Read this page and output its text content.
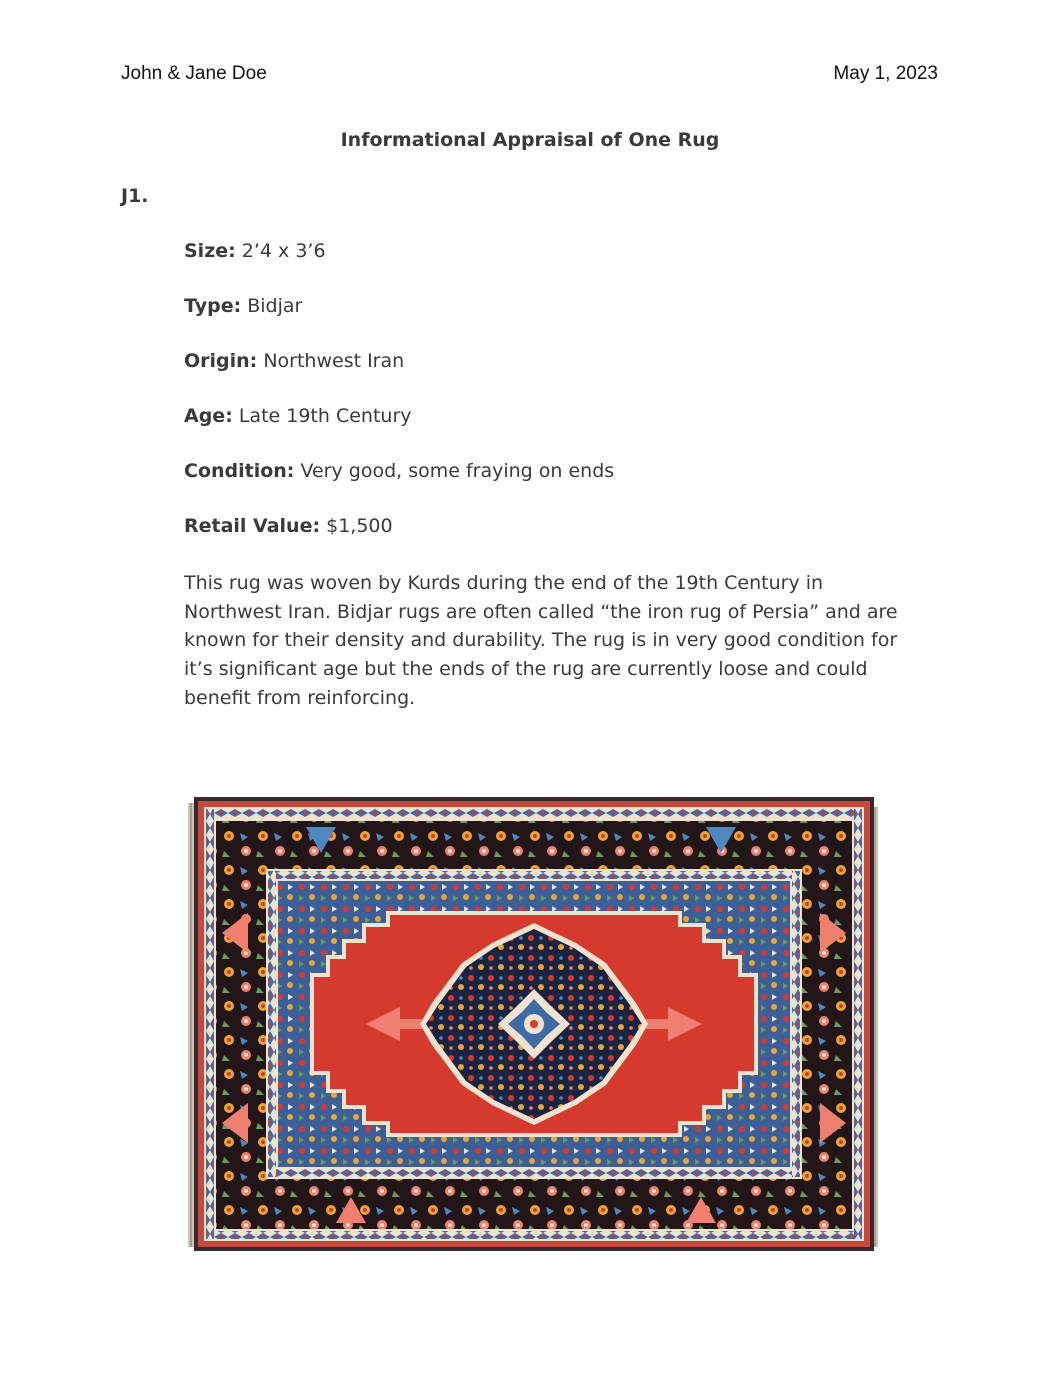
John & Jane Doe	May 1, 2023
Informational Appraisal of One Rug
J1.
Size: 2’4 x 3’6
Type: Bidjar
Origin: Northwest Iran
Age: Late 19th Century
Condition: Very good, some fraying on ends
Retail Value: $1,500
This rug was woven by Kurds during the end of the 19th Century in Northwest Iran. Bidjar rugs are often called “the iron rug of Persia” and are known for their density and durability. The rug is in very good condition for it’s significant age but the ends of the rug are currently loose and could benefit from reinforcing.
